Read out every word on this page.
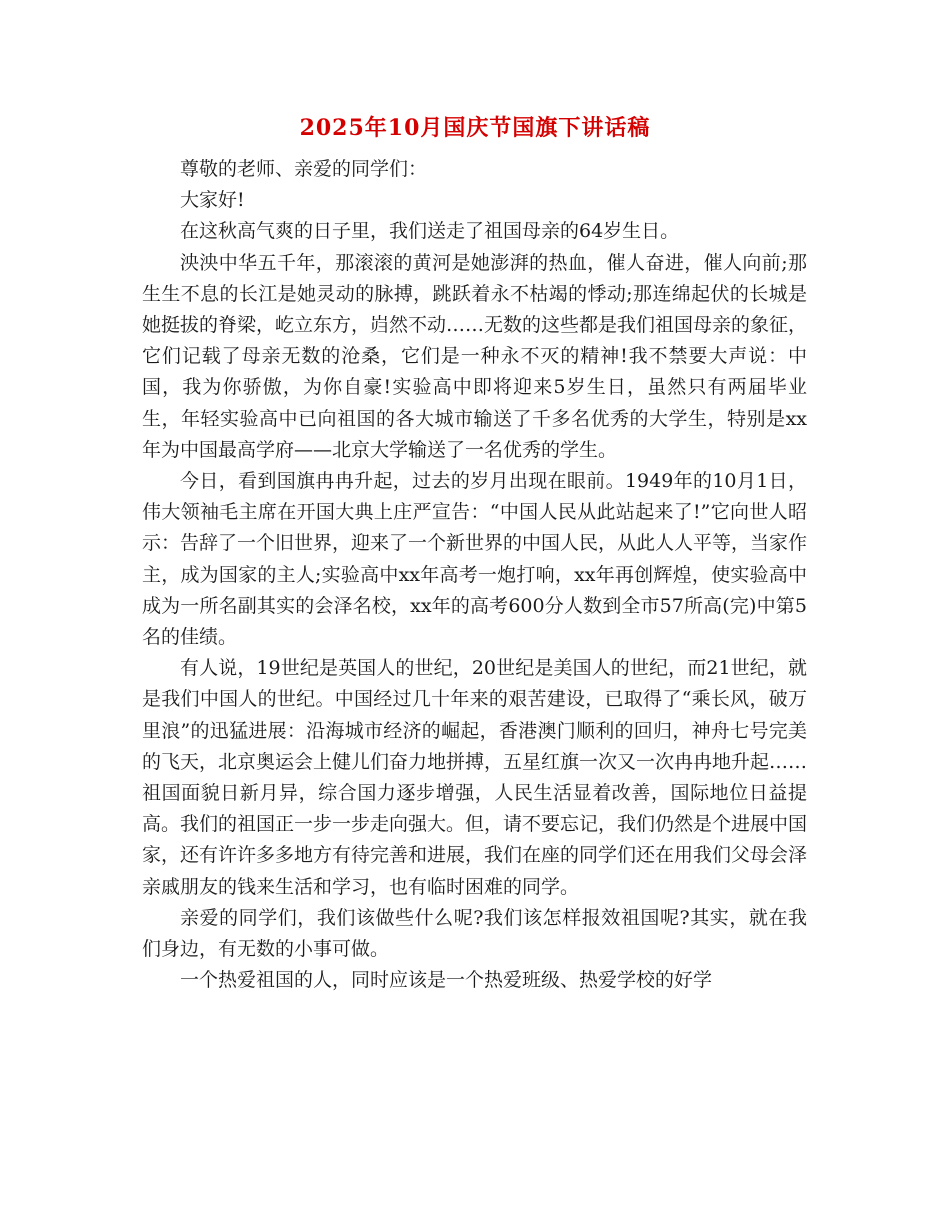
2025年10月国庆节国旗下讲话稿

尊敬的老师、亲爱的同学们：

大家好!

在这秋高气爽的日子里，我们送走了祖国母亲的64岁生日。

泱泱中华五千年，那滚滚的黄河是她澎湃的热血，催人奋进，催人向前;那生生不息的长江是她灵动的脉搏，跳跃着永不枯竭的悸动;那连绵起伏的长城是她挺拔的脊梁，屹立东方，岿然不动……无数的这些都是我们祖国母亲的象征，它们记载了母亲无数的沧桑，它们是一种永不灭的精神!我不禁要大声说：中国，我为你骄傲，为你自豪!实验高中即将迎来5岁生日，虽然只有两届毕业生，年轻实验高中已向祖国的各大城市输送了千多名优秀的大学生，特别是xx年为中国最高学府——北京大学输送了一名优秀的学生。

今日，看到国旗冉冉升起，过去的岁月出现在眼前。1949年的10月1日，伟大领袖毛主席在开国大典上庄严宣告：“中国人民从此站起来了!”它向世人昭示：告辞了一个旧世界，迎来了一个新世界的中国人民，从此人人平等，当家作主，成为国家的主人;实验高中xx年高考一炮打响，xx年再创辉煌，使实验高中成为一所名副其实的会泽名校，xx年的高考600分人数到全市57所高(完)中第5名的佳绩。

有人说，19世纪是英国人的世纪，20世纪是美国人的世纪，而21世纪，就是我们中国人的世纪。中国经过几十年来的艰苦建设，已取得了“乘长风，破万里浪”的迅猛进展：沿海城市经济的崛起，香港澳门顺利的回归，神舟七号完美的飞天，北京奥运会上健儿们奋力地拼搏，五星红旗一次又一次冉冉地升起……祖国面貌日新月异，综合国力逐步增强，人民生活显着改善，国际地位日益提高。我们的祖国正一步一步走向强大。但，请不要忘记，我们仍然是个进展中国家，还有许许多多地方有待完善和进展，我们在座的同学们还在用我们父母会泽亲戚朋友的钱来生活和学习，也有临时困难的同学。

亲爱的同学们，我们该做些什么呢?我们该怎样报效祖国呢?其实，就在我们身边，有无数的小事可做。

一个热爱祖国的人，同时应该是一个热爱班级、热爱学校的好学
